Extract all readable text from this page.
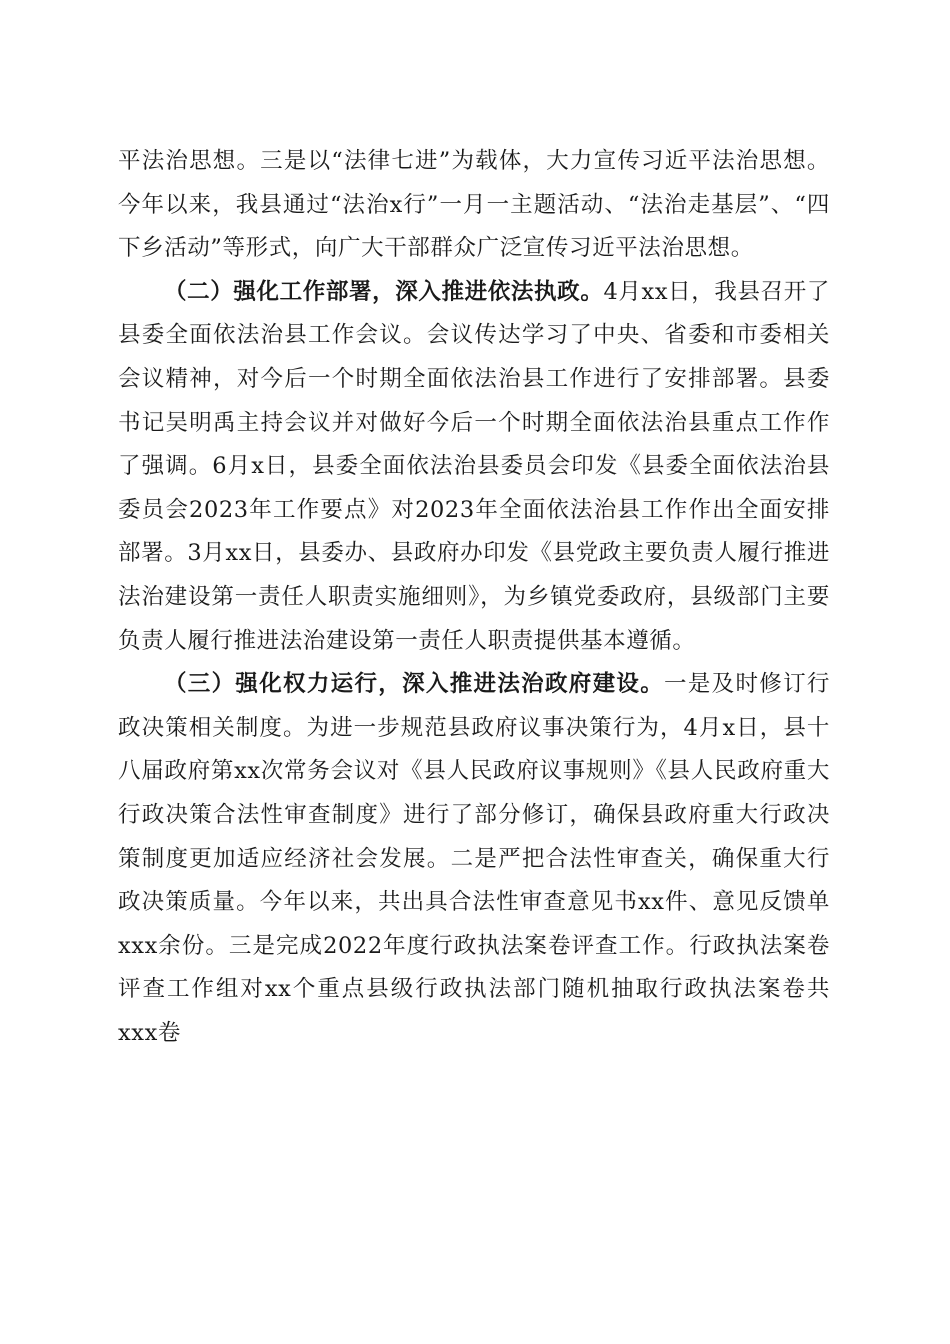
平法治思想。三是以“法律七进”为载体，大力宣传习近平法治思想。今年以来，我县通过“法治x行”一月一主题活动、“法治走基层”、“四下乡活动”等形式，向广大干部群众广泛宣传习近平法治思想。

（二）强化工作部署，深入推进依法执政。4月xx日，我县召开了县委全面依法治县工作会议。会议传达学习了中央、省委和市委相关会议精神，对今后一个时期全面依法治县工作进行了安排部署。县委书记吴明禹主持会议并对做好今后一个时期全面依法治县重点工作作了强调。6月x日，县委全面依法治县委员会印发《县委全面依法治县委员会2023年工作要点》对2023年全面依法治县工作作出全面安排部署。3月xx日，县委办、县政府办印发《县党政主要负责人履行推进法治建设第一责任人职责实施细则》，为乡镇党委政府，县级部门主要负责人履行推进法治建设第一责任人职责提供基本遵循。

（三）强化权力运行，深入推进法治政府建设。一是及时修订行政决策相关制度。为进一步规范县政府议事决策行为，4月x日，县十八届政府第xx次常务会议对《县人民政府议事规则》《县人民政府重大行政决策合法性审查制度》进行了部分修订，确保县政府重大行政决策制度更加适应经济社会发展。二是严把合法性审查关，确保重大行政决策质量。今年以来，共出具合法性审查意见书xx件、意见反馈单xxx余份。三是完成2022年度行政执法案卷评查工作。行政执法案卷评查工作组对xx个重点县级行政执法部门随机抽取行政执法案卷共xxx卷
